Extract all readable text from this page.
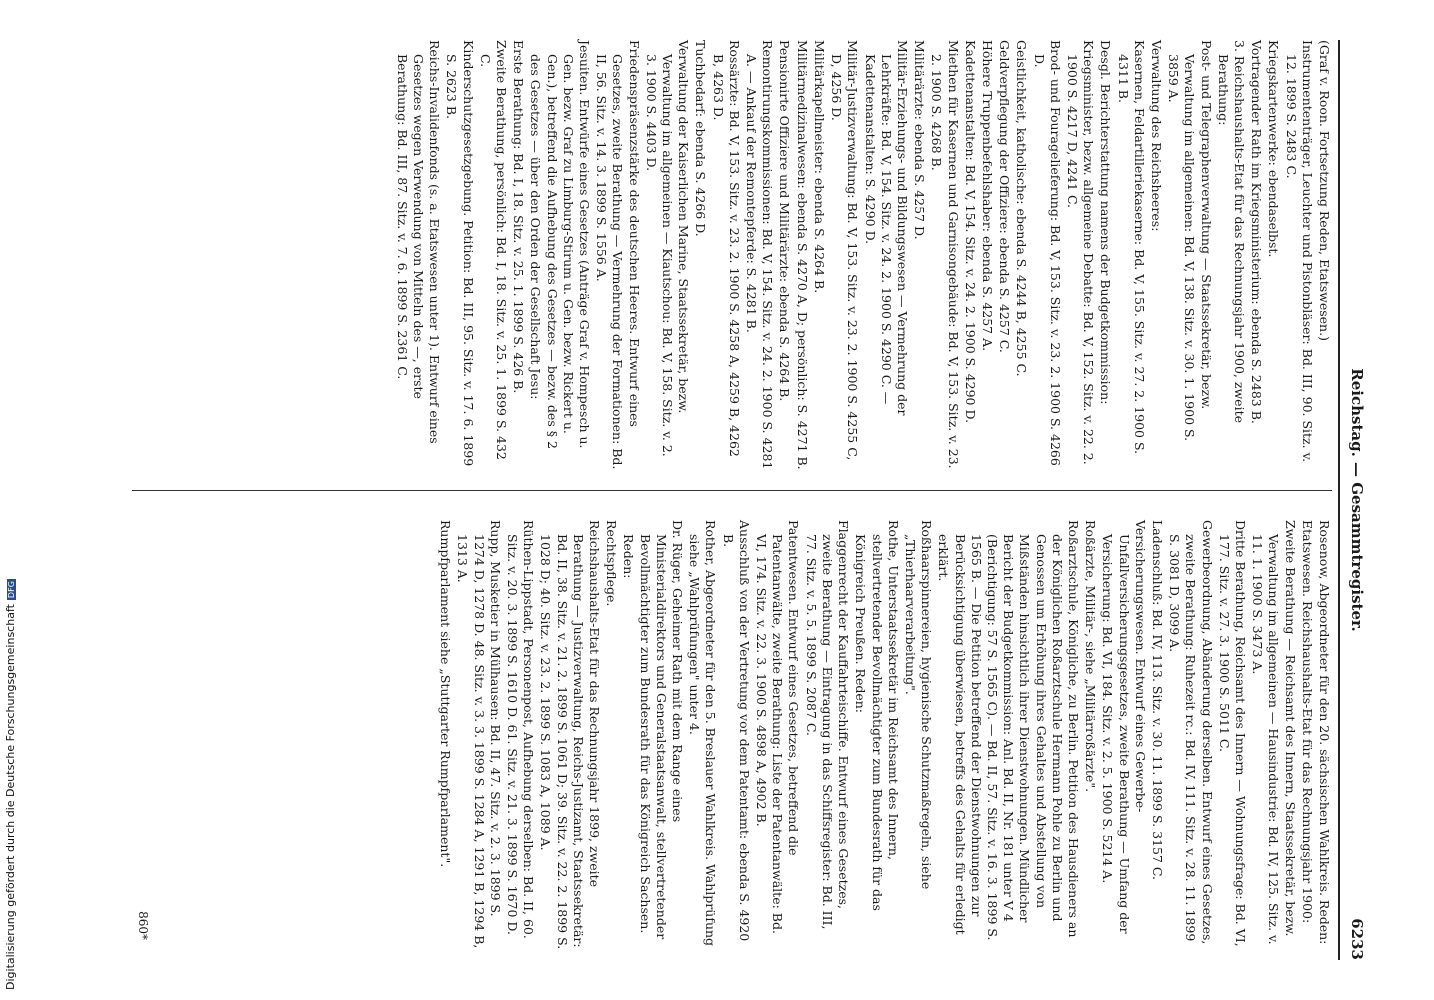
Digitalisierung gefördert durch die Deutsche ForschungsgemeinschaftDFG	Reichstag. — Gesammtregister.
6233

(Graf v. Roon. Fortsetzung Reden, Etatswesen.)

Instrumententräger, Leuchter und Pistonbläser: Bd. III, 90. Sitz. v. 12. 1899 S. 2483 C.

Kriegskartenwerke: ebendaselbst.

Vortragender Rath im Kriegsministerium: ebenda S. 2483 B.

3. Reichshaushalts-Etat für das Rechnungsjahr 1900, zweite Berathung:

Post- und Telegraphenverwaltung — Staatssekretär, bezw. Verwaltung im allgemeinen: Bd. V, 138. Sitz. v. 30. 1. 1900 S. 3859 A.

Verwaltung des Reichsheeres:

Kasernen, Feldartilleriekaserne: Bd. V, 155. Sitz. v. 27. 2. 1900 S. 4311 B.

Desgl. Berichterstattung namens der Budgetkommission:

Kriegsminister, bezw. allgemeine Debatte: Bd. V, 152. Sitz. v. 22. 2. 1900 S. 4217 D, 4241 C.

Brod- und Fouragelieferung: Bd. V, 153. Sitz. v. 23. 2. 1900 S. 4266 D.

Geistlichkeit, katholische: ebenda S. 4244 B, 4255 C.

Geldverpflegung der Offiziere: ebenda S. 4257 C.

Höhere Truppenbefehlshaber: ebenda S. 4257 A.

Kadettenanstalten: Bd. V, 154. Sitz. v. 24. 2. 1900 S. 4290 D.

Miethen für Kasernen und Garnisongebäude: Bd. V, 153. Sitz. v. 23. 2. 1900 S. 4268 B.

Militärärzte: ebenda S. 4257 D.

Militär-Erziehungs- und Bildungswesen — Vermehrung der Lehrkräfte: Bd. V, 154. Sitz. v. 24. 2. 1900 S. 4290 C. — Kadettenanstalten: S. 4290 D.

Militär-Justizverwaltung: Bd. V, 153. Sitz. v. 23. 2. 1900 S. 4255 C, D, 4256 D.

Militärkapellmeister: ebenda S. 4264 B.

Militärmedizinalwesen: ebenda S. 4270 A, D; persönlich: S. 4271 B.

Pensionirte Offiziere und Militärärzte: ebenda S. 4264 B.

Remontirungskommissionen: Bd. V, 154. Sitz. v. 24. 2. 1900 S. 4281 A. — Ankauf der Remontepferde: S. 4281 B.

Rossärzte: Bd. V, 153. Sitz. v. 23. 2. 1900 S. 4258 A, 4259 B, 4262 B, 4263 D.

Tuchbedarf: ebenda S. 4266 D.

Verwaltung der Kaiserlichen Marine, Staatssekretär, bezw. Verwaltung im allgemeinen — Kiautschou: Bd. V, 158. Sitz. v. 2. 3. 1900 S. 4403 D.

Friedenspräsenzstärke des deutschen Heeres. Entwurf eines Gesetzes, zweite Berathung — Vermehrung der Formationen: Bd. II, 56. Sitz. v. 14. 3. 1899 S. 1556 A.

Jesuiten. Entwürfe eines Gesetzes (Anträge Graf v. Hompesch u. Gen. bezw. Graf zu Limburg-Stirum u. Gen. bezw. Rickert u. Gen.), betreffend die Aufhebung des Gesetzes — bezw. des § 2 des Gesetzes — über den Orden der Gesellschaft Jesu:

Erste Berathung: Bd. I, 18. Sitz. v. 25. 1. 1899 S. 426 B.

Zweite Berathung, persönlich: Bd. I, 18. Sitz. v. 25. 1. 1899 S. 432 C.

Kinderschutzgesetzgebung. Petition: Bd. III, 95. Sitz. v. 17. 6. 1899 S. 2623 B.

Reichs-Invalidenfonds (s. a. Etatswesen unter 1). Entwurf eines Gesetzes wegen Verwendung von Mitteln des —, erste Berathung: Bd. III, 87. Sitz. v. 7. 6. 1899 S. 2361 C.

Rosenow, Abgeordneter für den 20. sächsischen Wahlkreis. Reden:

Etatswesen. Reichshaushalts-Etat für das Rechnungsjahr 1900:

Zweite Berathung — Reichsamt des Innern, Staatssekretär, bezw. Verwaltung im allgemeinen — Hausindustrie: Bd. IV, 125. Sitz. v. 11. 1. 1900 S. 3473 A.

Dritte Berathung, Reichsamt des Innern — Wohnungsfrage: Bd. VI, 177. Sitz. v. 27. 3. 1900 S. 5011 C.

Gewerbeordnung, Abänderung derselben. Entwurf eines Gesetzes, zweite Berathung: Ruhezeit rc.: Bd. IV, 111. Sitz. v. 28. 11. 1899 S. 3081 D, 3099 A.

Ladenschluß: Bd. IV, 113. Sitz. v. 30. 11. 1899 S. 3157 C.

Versicherungswesen. Entwurf eines Gewerbe-Unfallversicherungsgesetzes, zweite Berathung — Umfang der Versicherung: Bd. VI, 184. Sitz. v. 2. 5. 1900 S. 5214 A.

Roßärzte, Militär-, siehe „Militärroßärzte".

Roßarztschule, Königliche, zu Berlin. Petition des Hausdieners an der Königlichen Roßarztschule Hermann Pohle zu Berlin und Genossen um Erhöhung ihres Gehaltes und Abstellung von Mißständen hinsichtlich ihrer Dienstwohnungen. Mündlicher Bericht der Budgetkommission: Anl. Bd. II, Nr. 181 unter V 4 (Berichtigung: 57 S. 1565 C). — Bd. II, 57. Sitz. v. 16. 3. 1899 S. 1565 B. — Die Petition betreffend der Dienstwohnungen zur Berücksichtigung überwiesen, betreffs des Gehalts für erledigt erklärt.

Roßhaarspinnereien, hygienische Schutzmaßregeln, siehe „Thierhaarverarbeitung".

Rothe, Unterstaatssekretär im Reichsamt des Innern, stellvertretender Bevollmächtigter zum Bundesrath für das Königreich Preußen. Reden:

Flaggenrecht der Kauffahrteischiffe. Entwurf eines Gesetzes, zweite Berathung — Eintragung in das Schiffsregister: Bd. III, 77. Sitz. v. 5. 5. 1899 S. 2087 C.

Patentwesen. Entwurf eines Gesetzes, betreffend die Patentanwälte, zweite Berathung: Liste der Patentanwälte: Bd. VI, 174. Sitz. v. 22. 3. 1900 S. 4898 A, 4902 B.

Ausschluß von der Vertretung vor dem Patentamt: ebenda S. 4920 B.

Rother, Abgeordneter für den 5. Breslauer Wahlkreis. Wahlprüfung siehe „Wahlprüfungen" unter 4.

Dr. Rüger, Geheimer Rath mit dem Range eines Ministerialdirektors und Generalstaatsanwalt, stellvertretender Bevollmächtigter zum Bundesrath für das Königreich Sachsen. Reden:

Rechtspflege.

Reichshaushalts-Etat für das Rechnungsjahr 1899, zweite Berathung — Justizverwaltung, Reichs-Justizamt, Staatssekretär: Bd. II, 38. Sitz. v. 21. 2. 1899 S. 1061 D; 39. Sitz. v. 22. 2. 1899 S. 1028 D; 40. Sitz. v. 23. 2. 1899 S. 1083 A, 1089 A.

Rüthen-Lippstadt, Personenpost, Aufhebung derselben: Bd. II, 60. Sitz. v. 20. 3. 1899 S. 1610 D. 61. Sitz. v. 21. 3. 1899 S. 1670 D.

Rupp, Musketier in Mülhausen: Bd. II, 47. Sitz. v. 2. 3. 1899 S. 1274 D, 1278 D. 48. Sitz. v. 3. 3. 1899 S. 1284 A, 1291 B, 1294 B, 1313 A.

Rumpfparlament siehe „Stuttgarter Rumpfparlament".

860*
